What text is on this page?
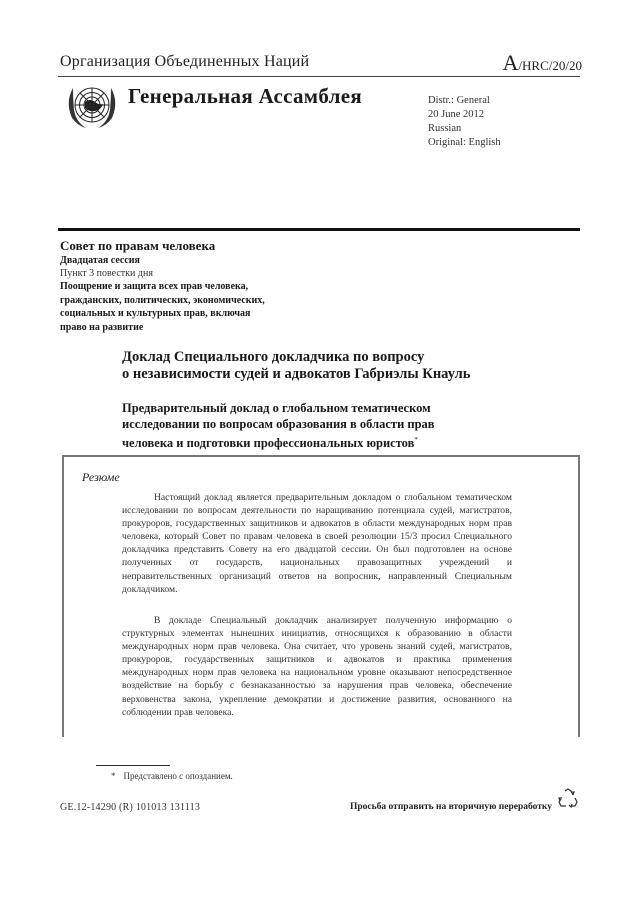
Организация Объединенных Наций	A/HRC/20/20
Генеральная Ассамблея	Distr.: General
20 June 2012
Russian
Original: English
Совет по правам человека
Двадцатая сессия
Пункт 3 повестки дня
Поощрение и защита всех прав человека,
гражданских, политических, экономических,
социальных и культурных прав, включая
право на развитие
Доклад Специального докладчика по вопросу
о независимости судей и адвокатов Габриэлы Кнауль
Предварительный доклад о глобальном тематическом
исследовании по вопросам образования в области прав
человека и подготовки профессиональных юристов*
Резюме
Настоящий доклад является предварительным докладом о глобальном тематическом исследовании по вопросам деятельности по наращиванию потенциала судей, магистратов, прокуроров, государственных защитников и адвокатов в области международных норм прав человека, который Совет по правам человека в своей резолюции 15/3 просил Специального докладчика представить Совету на его двадцатой сессии. Он был подготовлен на основе полученных от государств, национальных правозащитных учреждений и неправительственных организаций ответов на вопросник, направленный Специальным докладчиком.
В докладе Специальный докладчик анализирует полученную информацию о структурных элементах нынешних инициатив, относящихся к образованию в области международных норм прав человека. Она считает, что уровень знаний судей, магистратов, прокуроров, государственных защитников и адвокатов и практика применения международных норм прав человека на национальном уровне оказывают непосредственное воздействие на борьбу с безнаказанностью за нарушения прав человека, обеспечение верховенства закона, укрепление демократии и достижение развития, основанного на соблюдении прав человека.
* Представлено с опозданием.
GE.12-14290 (R) 101013 131113	Просьба отправить на вторичную переработку
